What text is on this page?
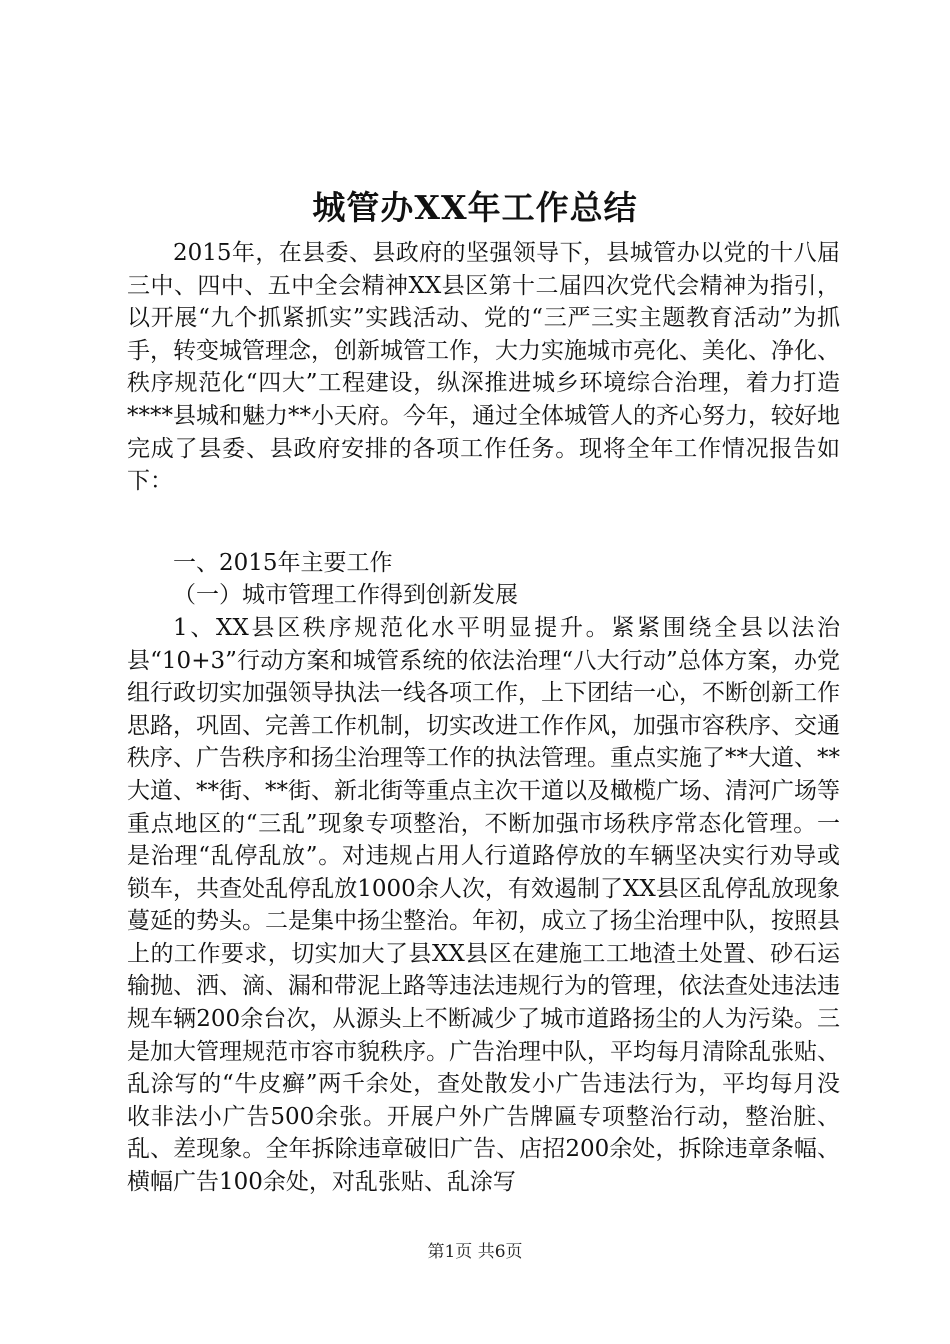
城管办XX年工作总结

2015年，在县委、县政府的坚强领导下，县城管办以党的十八届三中、四中、五中全会精神XX县区第十二届四次党代会精神为指引，以开展“九个抓紧抓实”实践活动、党的“三严三实主题教育活动”为抓手，转变城管理念，创新城管工作，大力实施城市亮化、美化、净化、秩序规范化“四大”工程建设，纵深推进城乡环境综合治理，着力打造****县城和魅力**小天府。今年，通过全体城管人的齐心努力，较好地完成了县委、县政府安排的各项工作任务。现将全年工作情况报告如下：

一、2015年主要工作

（一）城市管理工作得到创新发展

1、XX县区秩序规范化水平明显提升。紧紧围绕全县以法治县“10+3”行动方案和城管系统的依法治理“八大行动”总体方案，办党组行政切实加强领导执法一线各项工作，上下团结一心，不断创新工作思路，巩固、完善工作机制，切实改进工作作风，加强市容秩序、交通秩序、广告秩序和扬尘治理等工作的执法管理。重点实施了**大道、**大道、**街、**街、新北街等重点主次干道以及橄榄广场、清河广场等重点地区的“三乱”现象专项整治，不断加强市场秩序常态化管理。一是治理“乱停乱放”。对违规占用人行道路停放的车辆坚决实行劝导或锁车，共查处乱停乱放1000余人次，有效遏制了XX县区乱停乱放现象蔓延的势头。二是集中扬尘整治。年初，成立了扬尘治理中队，按照县上的工作要求，切实加大了县XX县区在建施工工地渣土处置、砂石运输抛、洒、滴、漏和带泥上路等违法违规行为的管理，依法查处违法违规车辆200余台次，从源头上不断减少了城市道路扬尘的人为污染。三是加大管理规范市容市貌秩序。广告治理中队，平均每月清除乱张贴、乱涂写的“牛皮癣”两千余处，查处散发小广告违法行为，平均每月没收非法小广告500余张。开展户外广告牌匾专项整治行动，整治脏、乱、差现象。全年拆除违章破旧广告、店招200余处，拆除违章条幅、横幅广告100余处，对乱张贴、乱涂写

第1页 共6页
